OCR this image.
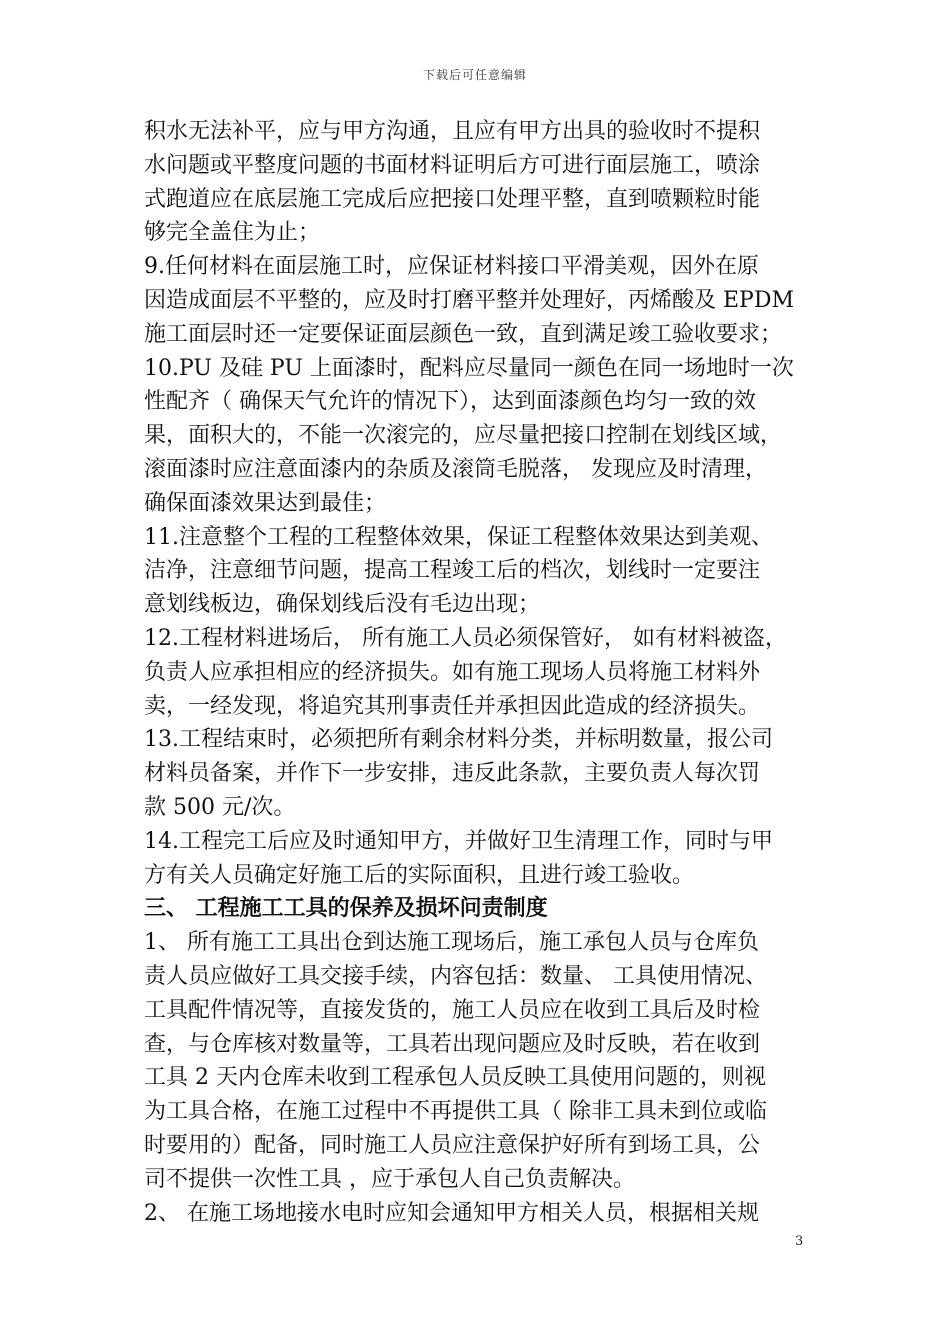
下载后可任意编辑
积水无法补平，应与甲方沟通，且应有甲方出具的验收时不提积
水问题或平整度问题的书面材料证明后方可进行面层施工，喷涂
式跑道应在底层施工完成后应把接口处理平整，直到喷颗粒时能
够完全盖住为止；
9.任何材料在面层施工时，应保证材料接口平滑美观，因外在原
因造成面层不平整的，应及时打磨平整并处理好，丙烯酸及 EPDM
施工面层时还一定要保证面层颜色一致，直到满足竣工验收要求；
10.PU 及硅 PU 上面漆时，配料应尽量同一颜色在同一场地时一次
性配齐（ 确保天气允许的情况下），达到面漆颜色均匀一致的效
果，面积大的，不能一次滚完的，应尽量把接口控制在划线区域，
滚面漆时应注意面漆内的杂质及滚筒毛脱落， 发现应及时清理，
确保面漆效果达到最佳；
11.注意整个工程的工程整体效果，保证工程整体效果达到美观、
洁净，注意细节问题，提高工程竣工后的档次，划线时一定要注
意划线板边，确保划线后没有毛边出现；
12.工程材料进场后， 所有施工人员必须保管好， 如有材料被盗，
负责人应承担相应的经济损失。如有施工现场人员将施工材料外
卖，一经发现，将追究其刑事责任并承担因此造成的经济损失。
13.工程结束时，必须把所有剩余材料分类，并标明数量，报公司
材料员备案，并作下一步安排，违反此条款，主要负责人每次罚
款 500 元/次。
14.工程完工后应及时通知甲方，并做好卫生清理工作，同时与甲
方有关人员确定好施工后的实际面积，且进行竣工验收。
三、 工程施工工具的保养及损坏问责制度
1、 所有施工工具出仓到达施工现场后，施工承包人员与仓库负
责人员应做好工具交接手续，内容包括：数量、 工具使用情况、
工具配件情况等，直接发货的，施工人员应在收到工具后及时检
查，与仓库核对数量等，工具若出现问题应及时反映，若在收到
工具 2 天内仓库未收到工程承包人员反映工具使用问题的，则视
为工具合格，在施工过程中不再提供工具（ 除非工具未到位或临
时要用的）配备，同时施工人员应注意保护好所有到场工具，公
司不提供一次性工具 ，应于承包人自己负责解决。
2、 在施工场地接水电时应知会通知甲方相关人员，根据相关规
3
